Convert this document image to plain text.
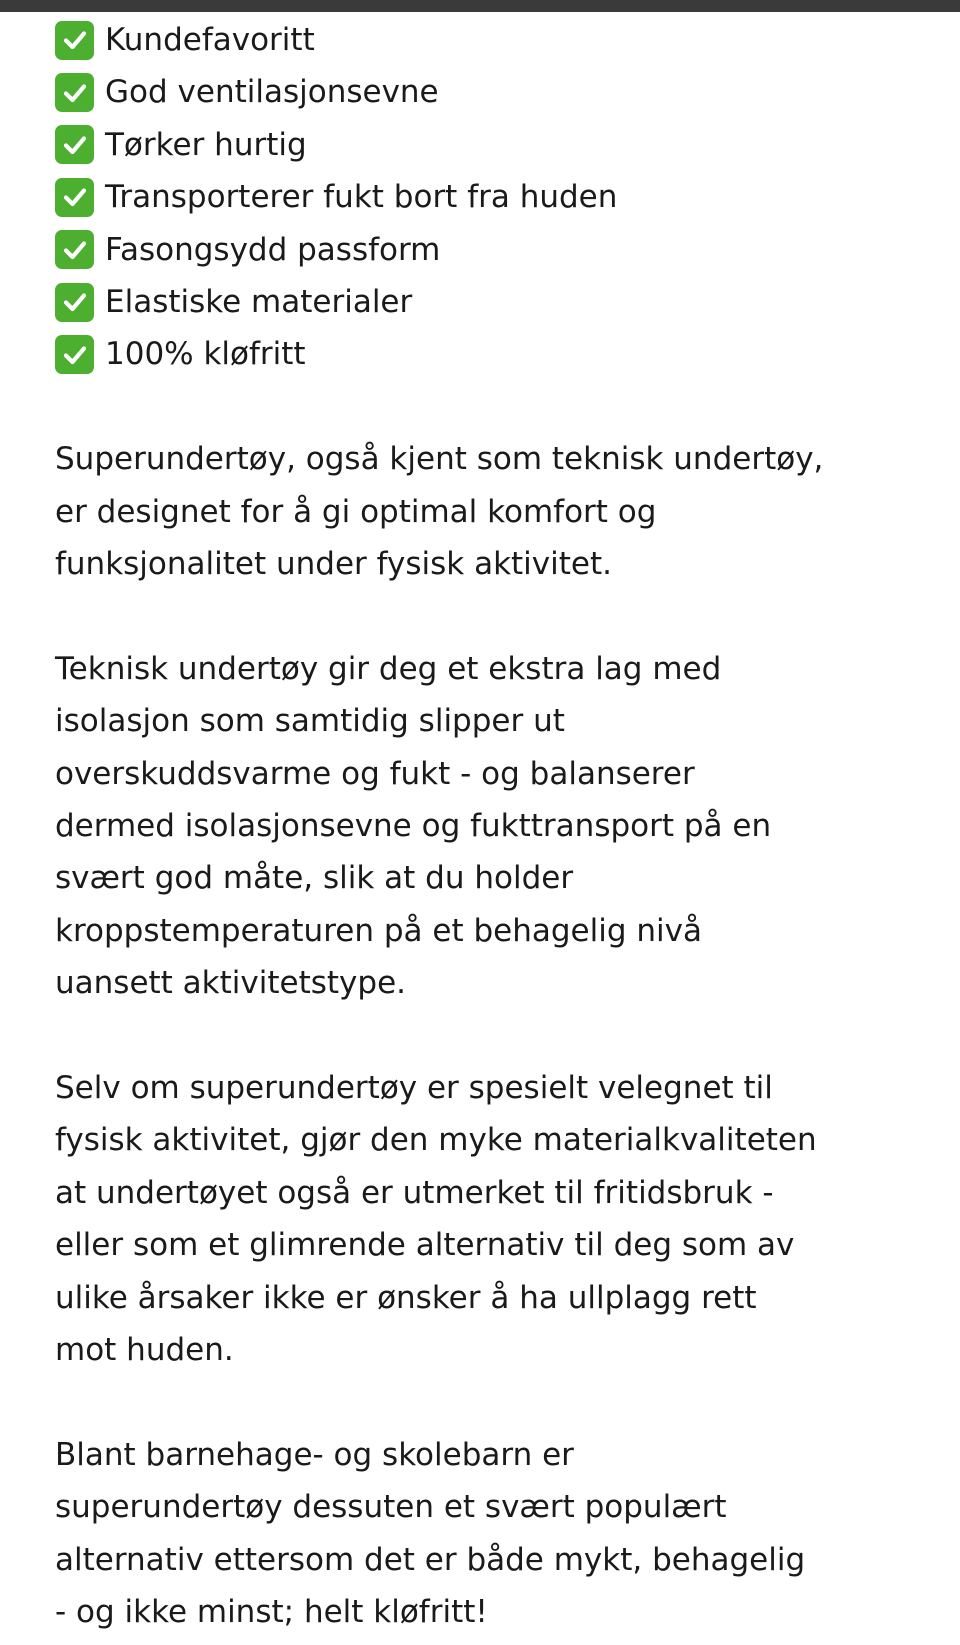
Kundefavoritt
God ventilasjonsevne
Tørker hurtig
Transporterer fukt bort fra huden
Fasongsydd passform
Elastiske materialer
100% kløfritt

Superundertøy, også kjent som teknisk undertøy,
er designet for å gi optimal komfort og
funksjonalitet under fysisk aktivitet.

Teknisk undertøy gir deg et ekstra lag med
isolasjon som samtidig slipper ut
overskuddsvarme og fukt - og balanserer
dermed isolasjonsevne og fukttransport på en
svært god måte, slik at du holder
kroppstemperaturen på et behagelig nivå
uansett aktivitetstype.

Selv om superundertøy er spesielt velegnet til
fysisk aktivitet, gjør den myke materialkvaliteten
at undertøyet også er utmerket til fritidsbruk -
eller som et glimrende alternativ til deg som av
ulike årsaker ikke er ønsker å ha ullplagg rett
mot huden.

Blant barnehage- og skolebarn er
superundertøy dessuten et svært populært
alternativ ettersom det er både mykt, behagelig
- og ikke minst; helt kløfritt!
